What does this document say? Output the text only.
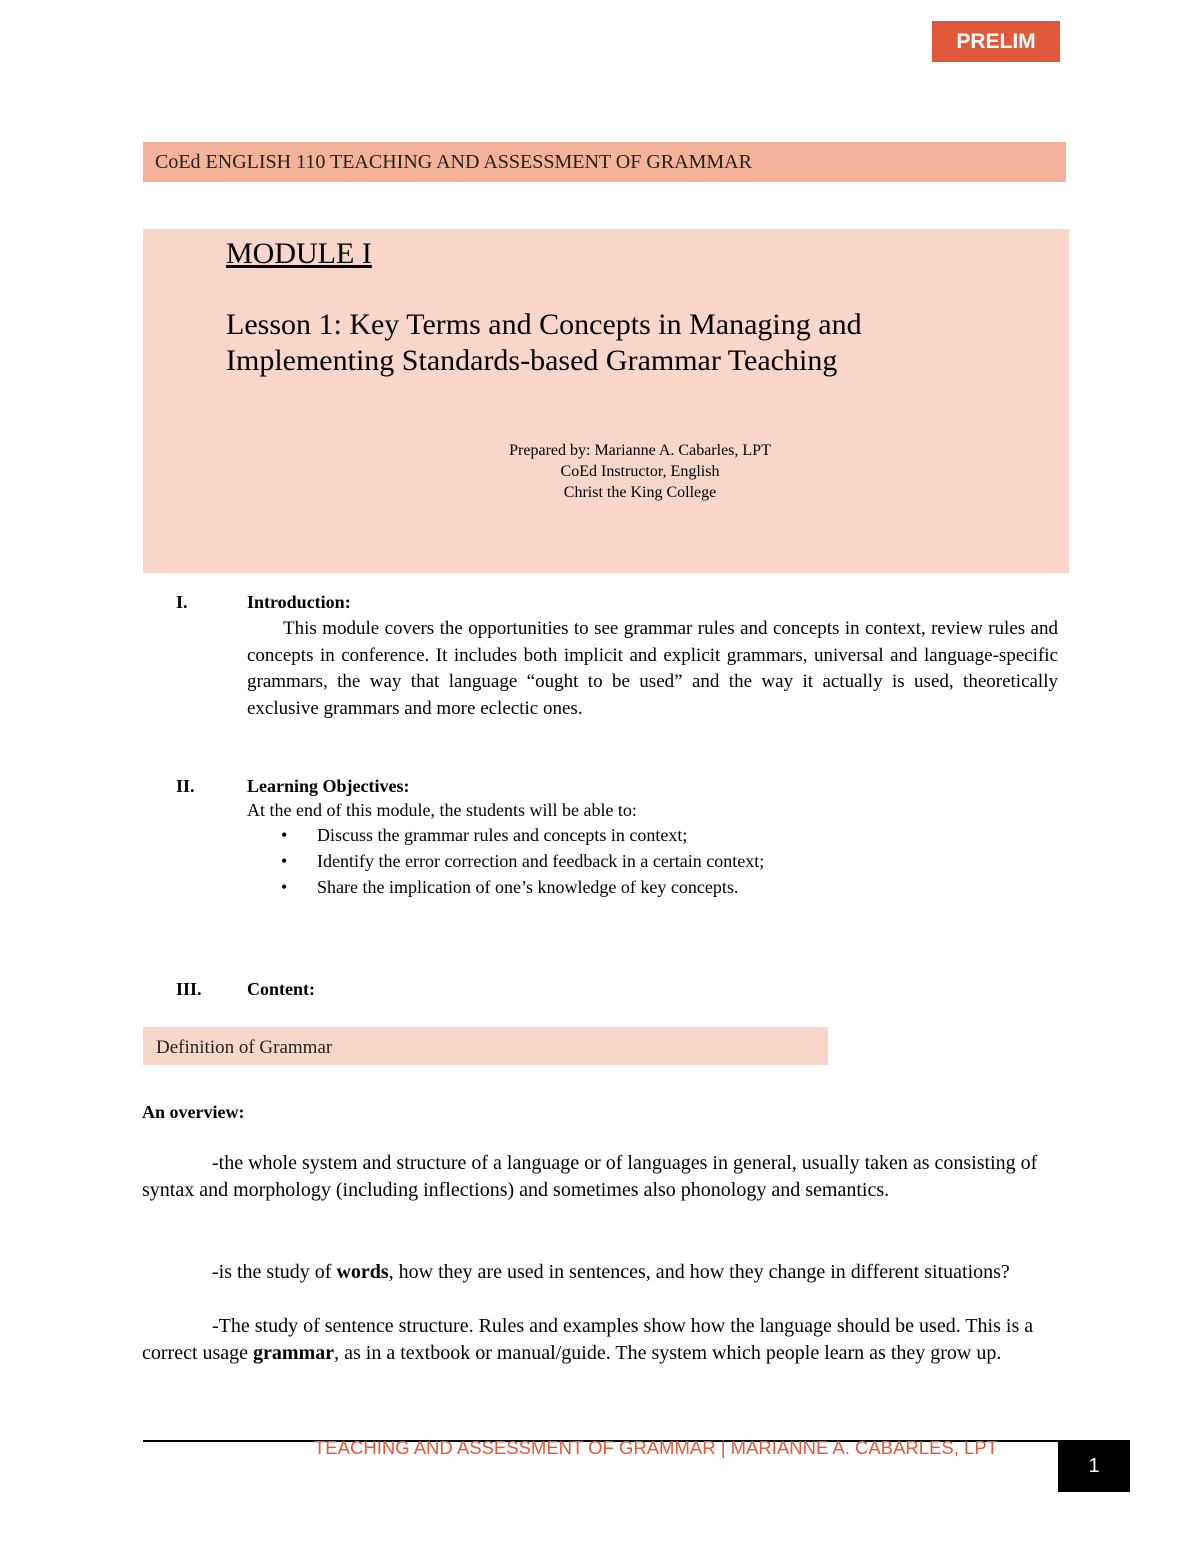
PRELIM
CoEd ENGLISH 110 TEACHING AND ASSESSMENT OF GRAMMAR
MODULE I
Lesson 1: Key Terms and Concepts in Managing and Implementing Standards-based Grammar Teaching
Prepared by: Marianne A. Cabarles, LPT
CoEd Instructor, English
Christ the King College
I.	Introduction:
This module covers the opportunities to see grammar rules and concepts in context, review rules and concepts in conference. It includes both implicit and explicit grammars, universal and language-specific grammars, the way that language “ought to be used” and the way it actually is used, theoretically exclusive grammars and more eclectic ones.
II.	Learning Objectives:
At the end of this module, the students will be able to:
• Discuss the grammar rules and concepts in context;
• Identify the error correction and feedback in a certain context;
• Share the implication of one’s knowledge of key concepts.
III.	Content:
Definition of Grammar
An overview:
-the whole system and structure of a language or of languages in general, usually taken as consisting of syntax and morphology (including inflections) and sometimes also phonology and semantics.
-is the study of words, how they are used in sentences, and how they change in different situations?
-The study of sentence structure. Rules and examples show how the language should be used. This is a correct usage grammar, as in a textbook or manual/guide. The system which people learn as they grow up.
TEACHING AND ASSESSMENT OF GRAMMAR | MARIANNE A. CABARLES, LPT
1
